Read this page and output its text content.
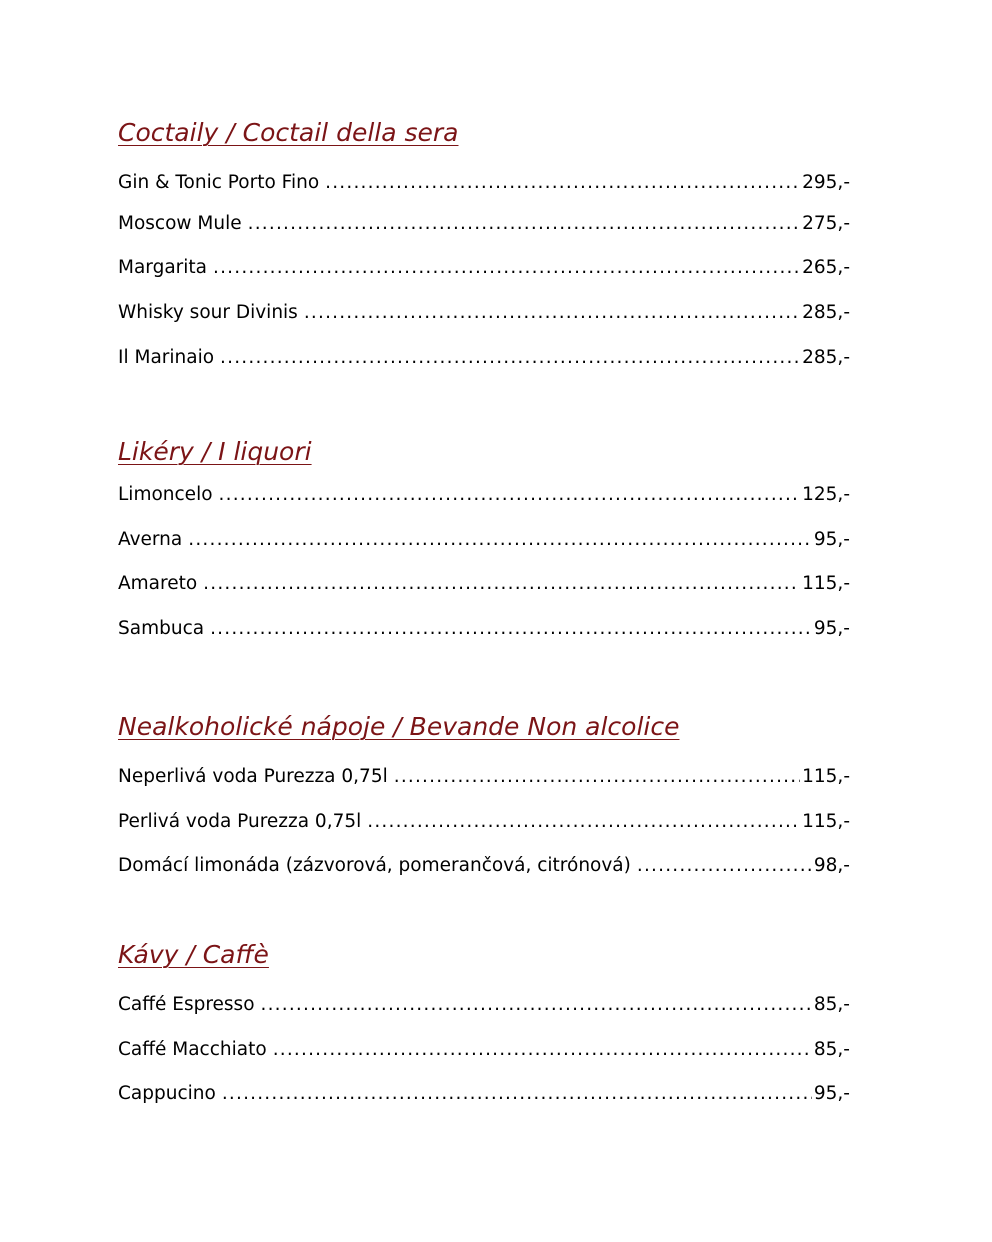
Coctaily / Coctail della sera
Gin & Tonic Porto Fino .....	295,-
Moscow Mule .....	275,-
Margarita .....	265,-
Whisky sour Divinis .....	285,-
Il Marinaio .....	285,-
Likéry / I liquori
Limoncelo .....	125,-
Averna .....	95,-
Amareto .....	115,-
Sambuca .....	95,-
Nealkoholické nápoje / Bevande Non alcolice
Neperlivá voda Purezza 0,75l .....	115,-
Perlivá voda Purezza 0,75l .....	115,-
Domácí limonáda (zázvorová, pomerančová, citrónová) .....	98,-
Kávy / Caffè
Caffé Espresso .....	85,-
Caffé Macchiato .....	85,-
Cappucino .....	95,-
